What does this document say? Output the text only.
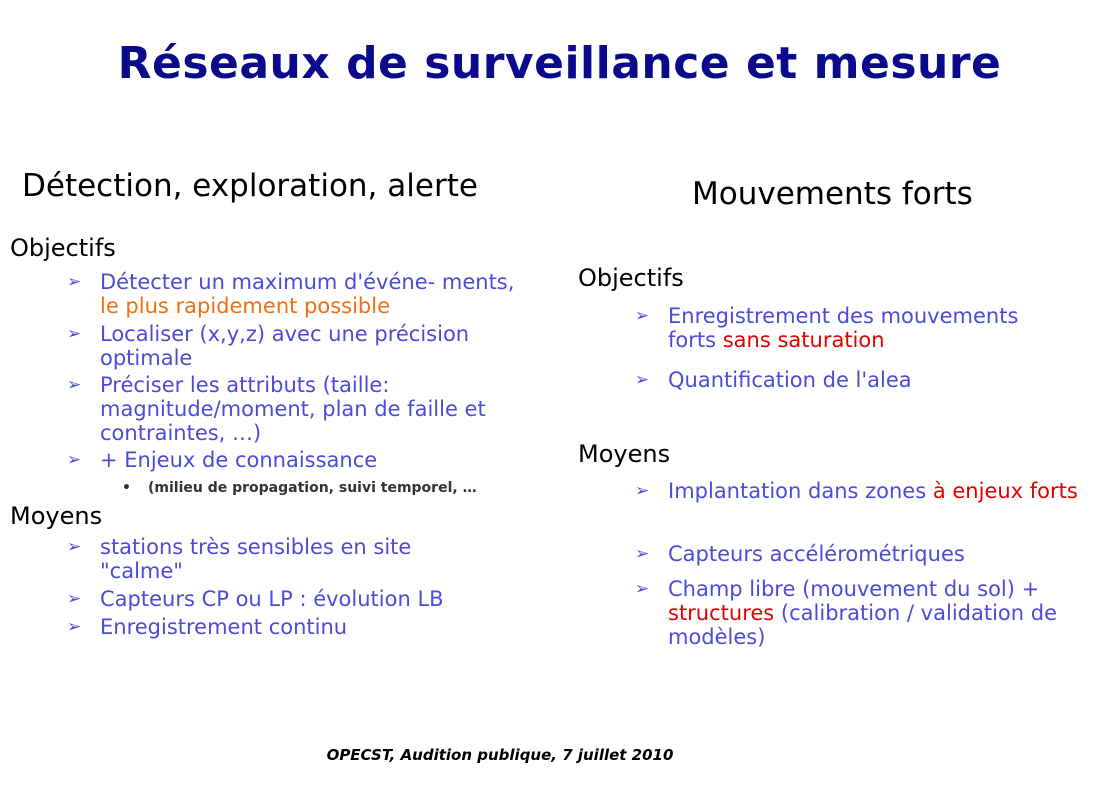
Réseaux de surveillance et mesure
Détection, exploration, alerte
Objectifs
➢ Détecter un maximum d'événe- ments, le plus rapidement possible
➢ Localiser (x,y,z) avec une précision optimale
➢ Préciser les attributs (taille: magnitude/moment, plan de faille et contraintes, …)
➢ + Enjeux de connaissance
• (milieu de propagation, suivi temporel, …
Moyens
➢ stations très sensibles en site "calme"
➢ Capteurs CP ou LP : évolution LB
➢ Enregistrement continu
Mouvements forts
Objectifs
➢ Enregistrement des mouvements forts sans saturation
➢ Quantification de l'alea
Moyens
➢ Implantation dans zones à enjeux forts
➢ Capteurs accélérométriques
➢ Champ libre (mouvement du sol) + structures (calibration / validation de modèles)
OPECST, Audition publique, 7 juillet 2010
